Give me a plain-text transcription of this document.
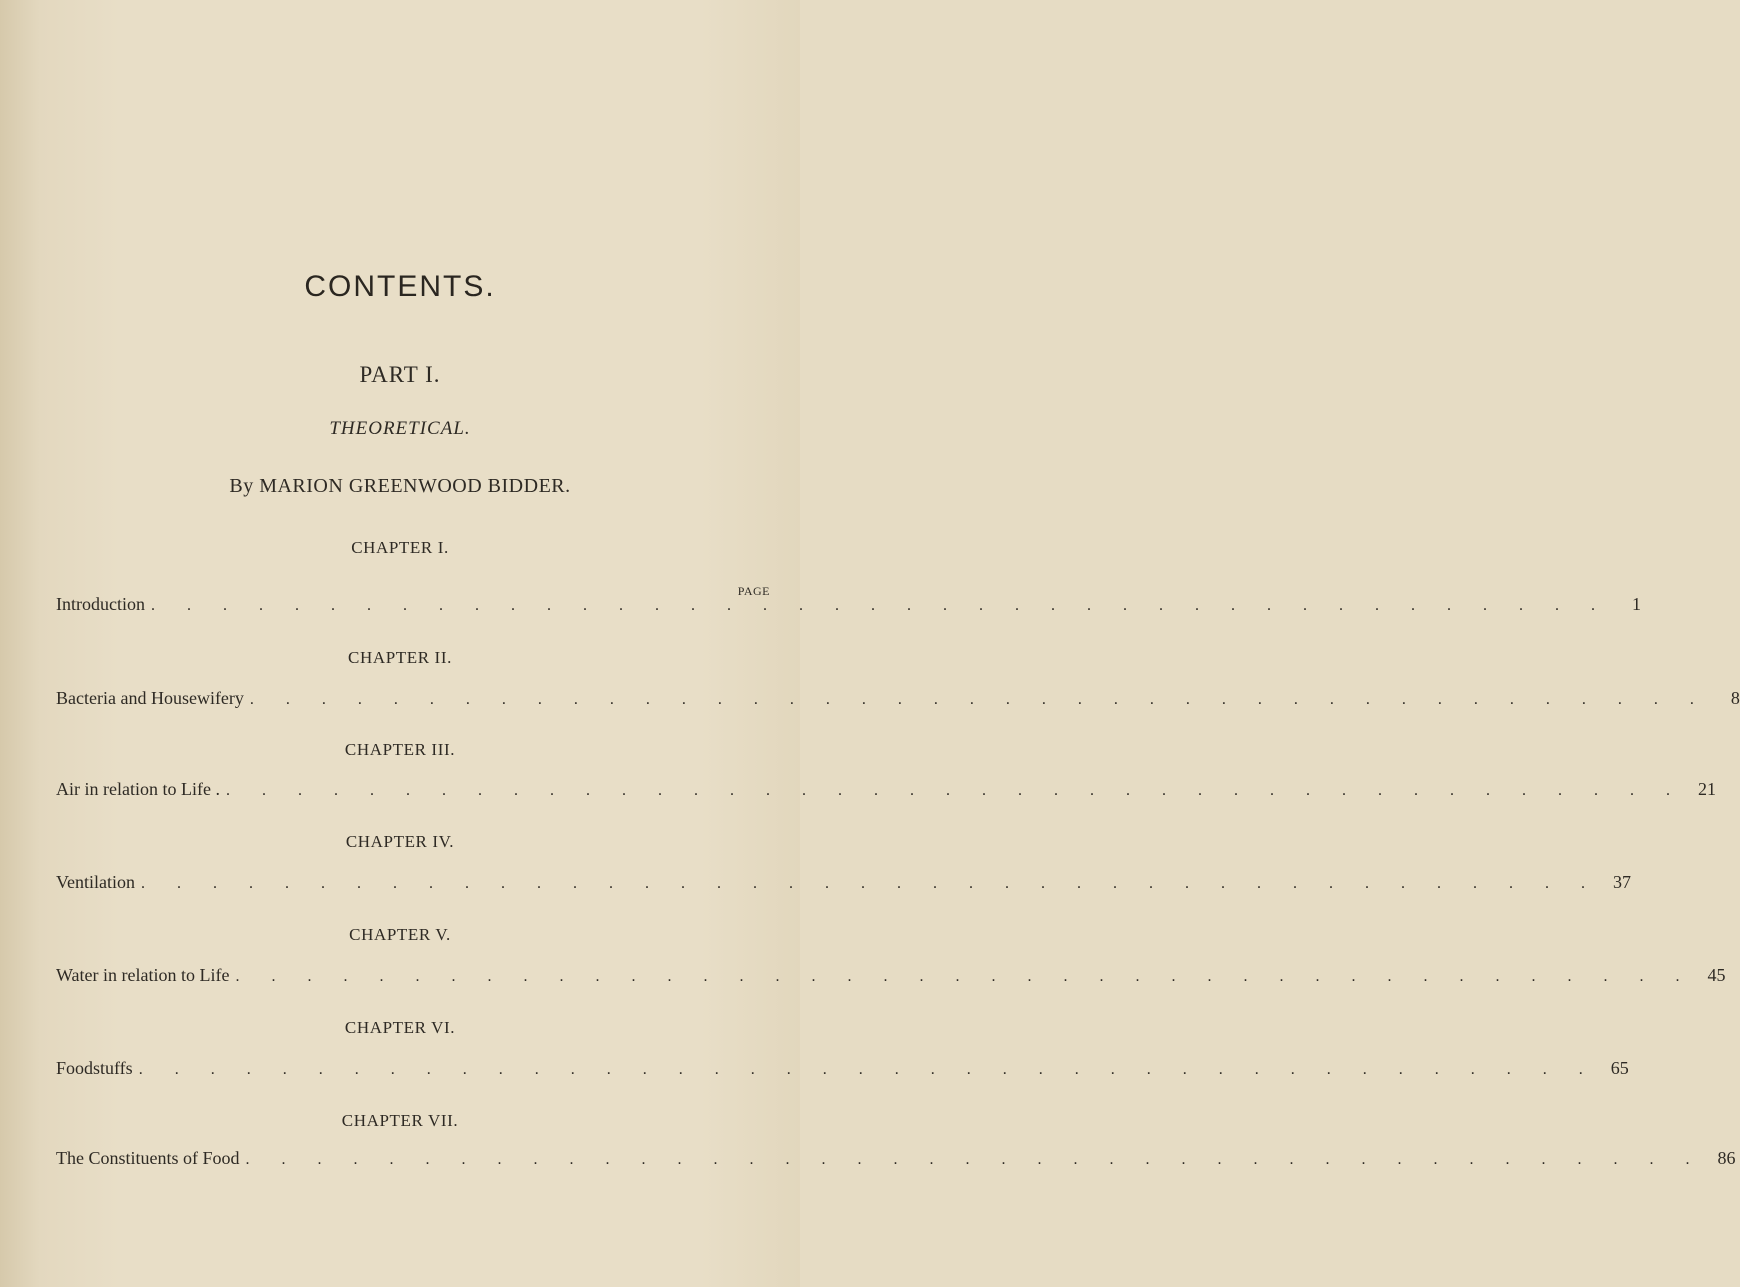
CONTENTS.
PART I.
THEORETICAL.
By MARION GREENWOOD BIDDER.
PAGE
CHAPTER I.
Introduction . . . . . . . . . . . . . . . . . . . . . . . . . . . . . . . . . . . . . . . . .	1
CHAPTER II.
Bacteria and Housewifery . . . . . . . . . . . . . . . . . . . . . . . . . . . . . . . . . . . . . . . . .	8
CHAPTER III.
Air in relation to Life . . . . . . . . . . . . . . . . . . . . . . . . . . . . . . . . . . . . . . . . . . 21
CHAPTER IV.
Ventilation . . . . . . . . . . . . . . . . . . . . . . . . . . . . . . . . . . . . . . . . . 37
CHAPTER V.
Water in relation to Life . . . . . . . . . . . . . . . . . . . . . . . . . . . . . . . . . . . . . . . . . 45
CHAPTER VI.
Foodstuffs . . . . . . . . . . . . . . . . . . . . . . . . . . . . . . . . . . . . . . . . . 65
CHAPTER VII.
The Constituents of Food . . . . . . . . . . . . . . . . . . . . . . . . . . . . . . . . . . . . . . . . . 86
